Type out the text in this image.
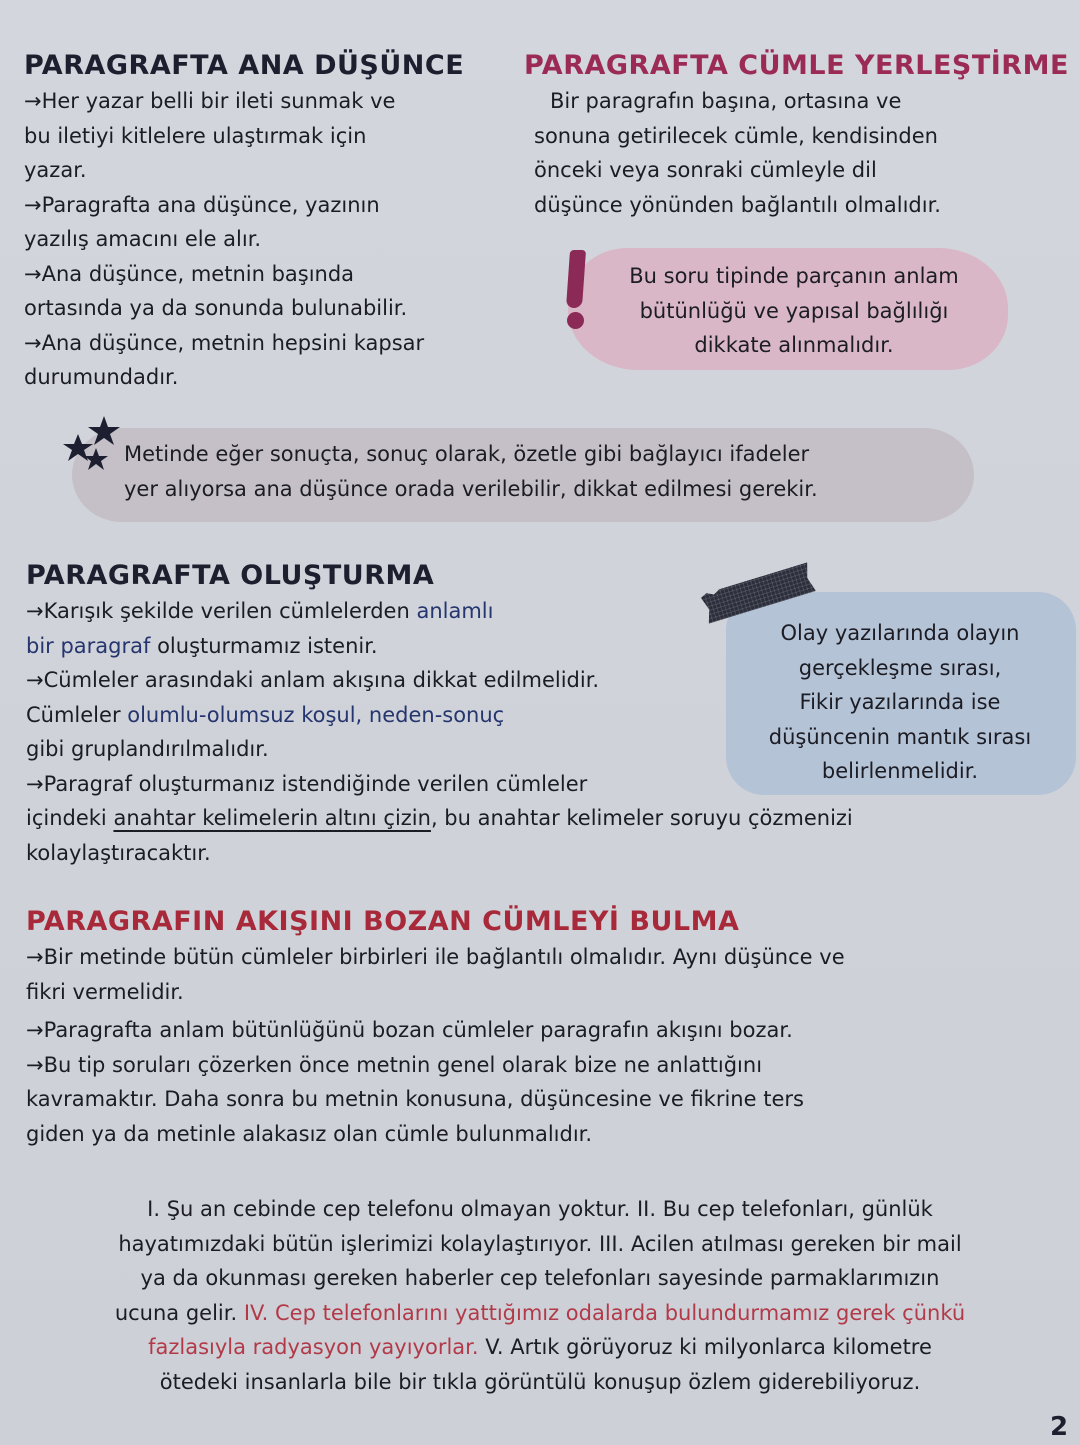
PARAGRAFTA ANA DÜŞÜNCE
→Her yazar belli bir ileti sunmak ve
bu iletiyi kitlelere ulaştırmak için
yazar.
→Paragrafta ana düşünce, yazının
yazılış amacını ele alır.
→Ana düşünce, metnin başında
ortasında ya da sonunda bulunabilir.
→Ana düşünce, metnin hepsini kapsar
durumundadır.
PARAGRAFTA CÜMLE YERLEŞTİRME
Bir paragrafın başına, ortasına ve
sonuna getirilecek cümle, kendisinden
önceki veya sonraki cümleyle dil
düşünce yönünden bağlantılı olmalıdır.
Bu soru tipinde parçanın anlam
bütünlüğü ve yapısal bağlılığı
dikkate alınmalıdır.
Metinde eğer sonuçta, sonuç olarak, özetle gibi bağlayıcı ifadeler
yer alıyorsa ana düşünce orada verilebilir, dikkat edilmesi gerekir.
PARAGRAFTA OLUŞTURMA
→Karışık şekilde verilen cümlelerden anlamlı
bir paragraf oluşturmamız istenir.
→Cümleler arasındaki anlam akışına dikkat edilmelidir.
Cümleler olumlu-olumsuz koşul, neden-sonuç
gibi gruplandırılmalıdır.
→Paragraf oluşturmanız istendiğinde verilen cümleler
içindeki anahtar kelimelerin altını çizin, bu anahtar kelimeler soruyu çözmenizi
kolaylaştıracaktır.
Olay yazılarında olayın
gerçekleşme sırası,
Fikir yazılarında ise
düşüncenin mantık sırası
belirlenmelidir.
PARAGRAFIN AKIŞINI BOZAN CÜMLEYİ BULMA
→Bir metinde bütün cümleler birbirleri ile bağlantılı olmalıdır. Aynı düşünce ve
fikri vermelidir.
→Paragrafta anlam bütünlüğünü bozan cümleler paragrafın akışını bozar.
→Bu tip soruları çözerken önce metnin genel olarak bize ne anlattığını
kavramaktır. Daha sonra bu metnin konusuna, düşüncesine ve fikrine ters
giden ya da metinle alakasız olan cümle bulunmalıdır.
I. Şu an cebinde cep telefonu olmayan yoktur. II. Bu cep telefonları, günlük
hayatımızdaki bütün işlerimizi kolaylaştırıyor. III. Acilen atılması gereken bir mail
ya da okunması gereken haberler cep telefonları sayesinde parmaklarımızın
ucuna gelir. IV. Cep telefonlarını yattığımız odalarda bulundurmamız gerek çünkü
fazlasıyla radyasyon yayıyorlar. V. Artık görüyoruz ki milyonlarca kilometre
ötedeki insanlarla bile bir tıkla görüntülü konuşup özlem giderebiliyoruz.
2
